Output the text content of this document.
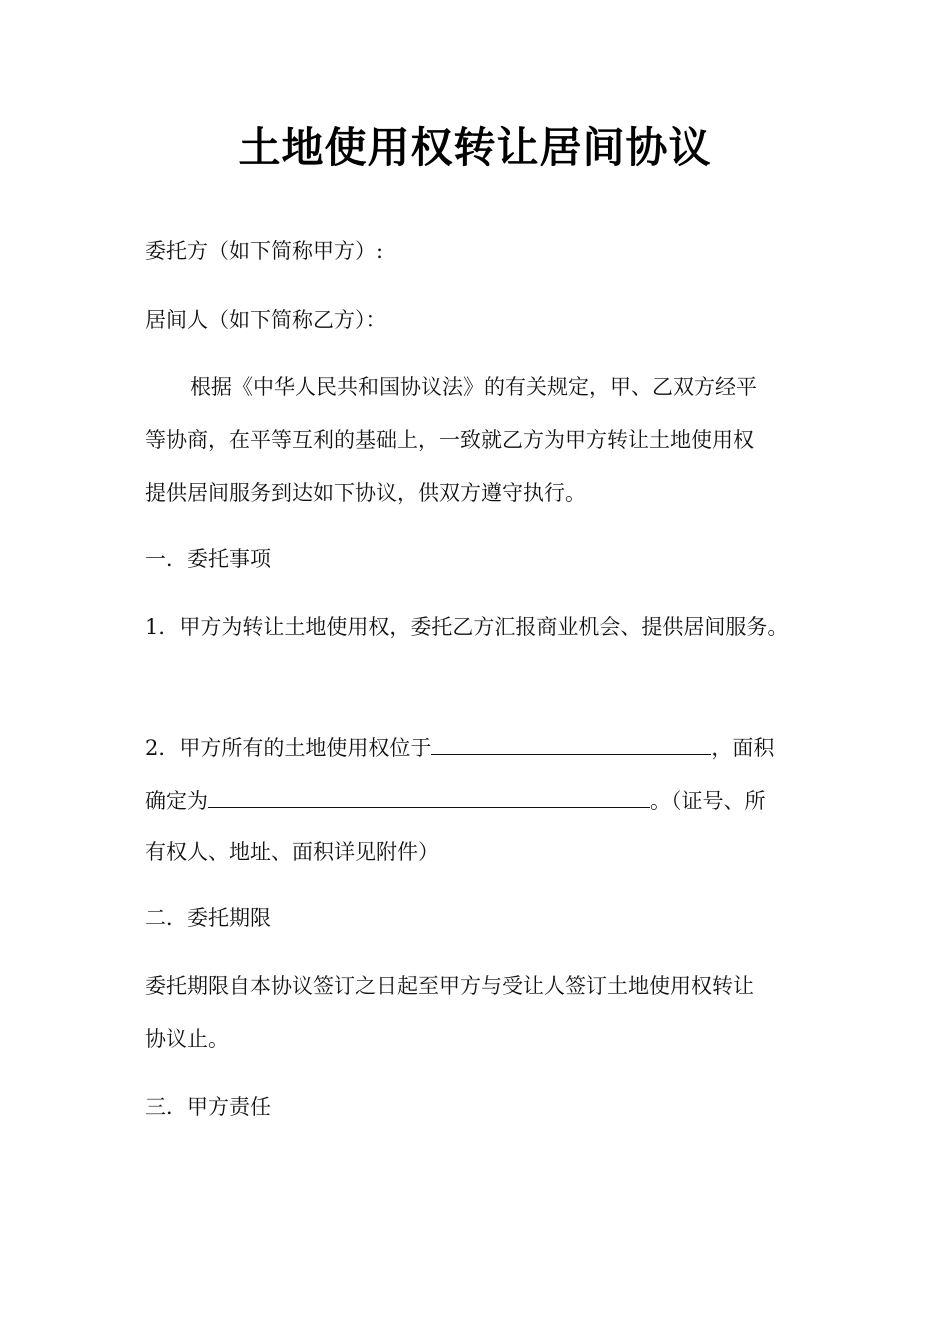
土地使用权转让居间协议
委托方（如下简称甲方）:
居间人（如下简称乙方）：
根据《中华人民共和国协议法》的有关规定，甲、乙双方经平
等协商，在平等互利的基础上，一致就乙方为甲方转让土地使用权
提供居间服务到达如下协议，供双方遵守执行。
一．委托事项
1．甲方为转让土地使用权，委托乙方汇报商业机会、提供居间服务。
2．甲方所有的土地使用权位于	，面积
确定为	。（证号、所
有权人、地址、面积详见附件）
二．委托期限
委托期限自本协议签订之日起至甲方与受让人签订土地使用权转让
协议止。
三．甲方责任
